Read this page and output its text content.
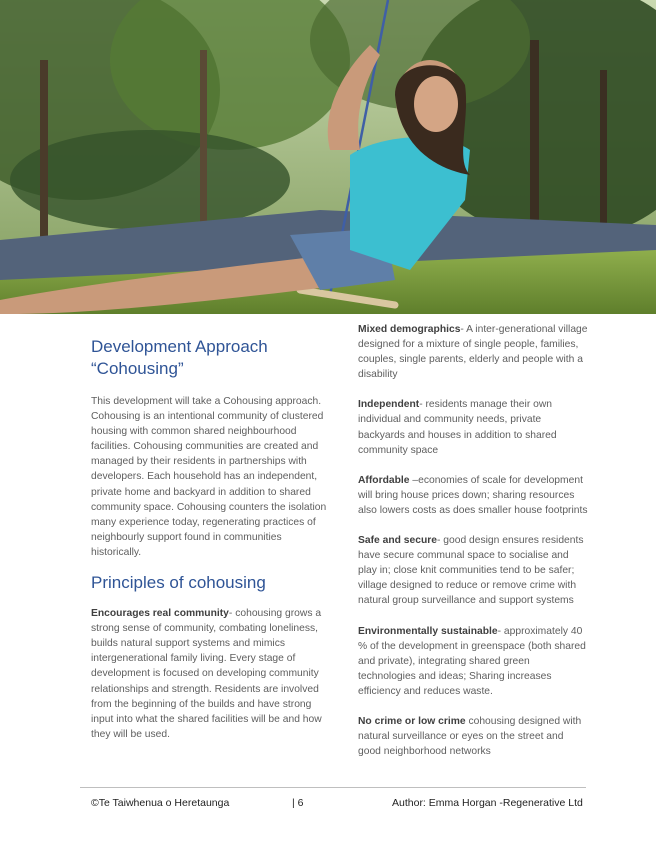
Development Approach “Cohousing”

This development will take a Cohousing approach. Cohousing is an intentional community of clustered housing with common shared neighbourhood facilities. Cohousing communities are created and managed by their residents in partnerships with developers. Each household has an independent, private home and backyard in addition to shared community space. Cohousing counters the isolation many experience today, regenerating practices of neighbourly support found in communities historically.

Principles of cohousing

Encourages real community- cohousing grows a strong sense of community, combating loneliness, builds natural support systems and mimics intergenerational family living. Every stage of development is focused on developing community relationships and strength. Residents are involved from the beginning of the builds and have strong input into what the shared facilities will be and how they will be used.

Mixed demographics- A inter-generational village designed for a mixture of single people, families, couples, single parents, elderly and people with a disability

Independent- residents manage their own individual and community needs, private backyards and houses in addition to shared community space

Affordable –economies of scale for development will bring house prices down; sharing resources also lowers costs as does smaller house footprints

Safe and secure- good design ensures residents have secure communal space to socialise and play in; close knit communities tend to be safer; village designed to reduce or remove crime with natural group surveillance and support systems

Environmentally sustainable- approximately 40 % of the development in greenspace (both shared and private), integrating shared green technologies and ideas; Sharing increases efficiency and reduces waste.

No crime or low crime cohousing designed with natural surveillance or eyes on the street and good neighborhood networks

©Te Taiwhenua o Heretaunga	| 6	Author: Emma Horgan -Regenerative Ltd
